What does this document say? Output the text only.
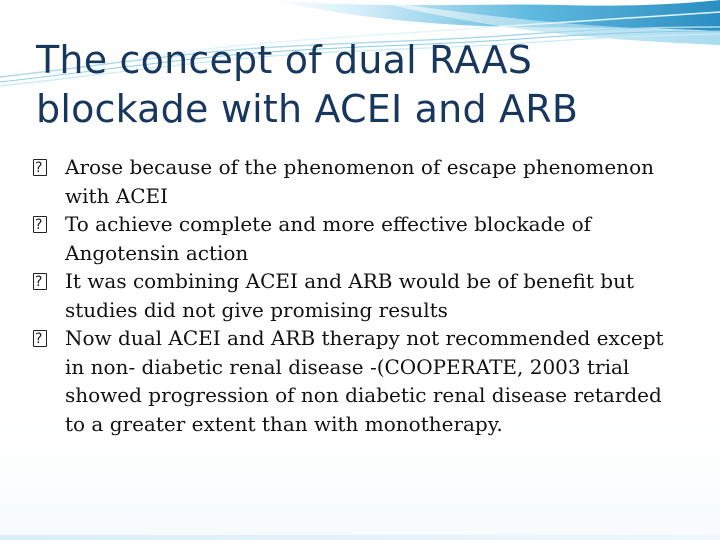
The concept of dual RAAS blockade with ACEI and ARB
?
Arose because of the phenomenon of escape phenomenon with ACEI
?
To achieve complete and more effective blockade of Angotensin action
?
It was combining ACEI and ARB would be of benefit but studies did not give promising results
?
Now dual ACEI and ARB therapy not recommended except in non- diabetic renal disease -(COOPERATE, 2003 trial showed progression of non diabetic renal disease retarded to a greater extent than with monotherapy.
